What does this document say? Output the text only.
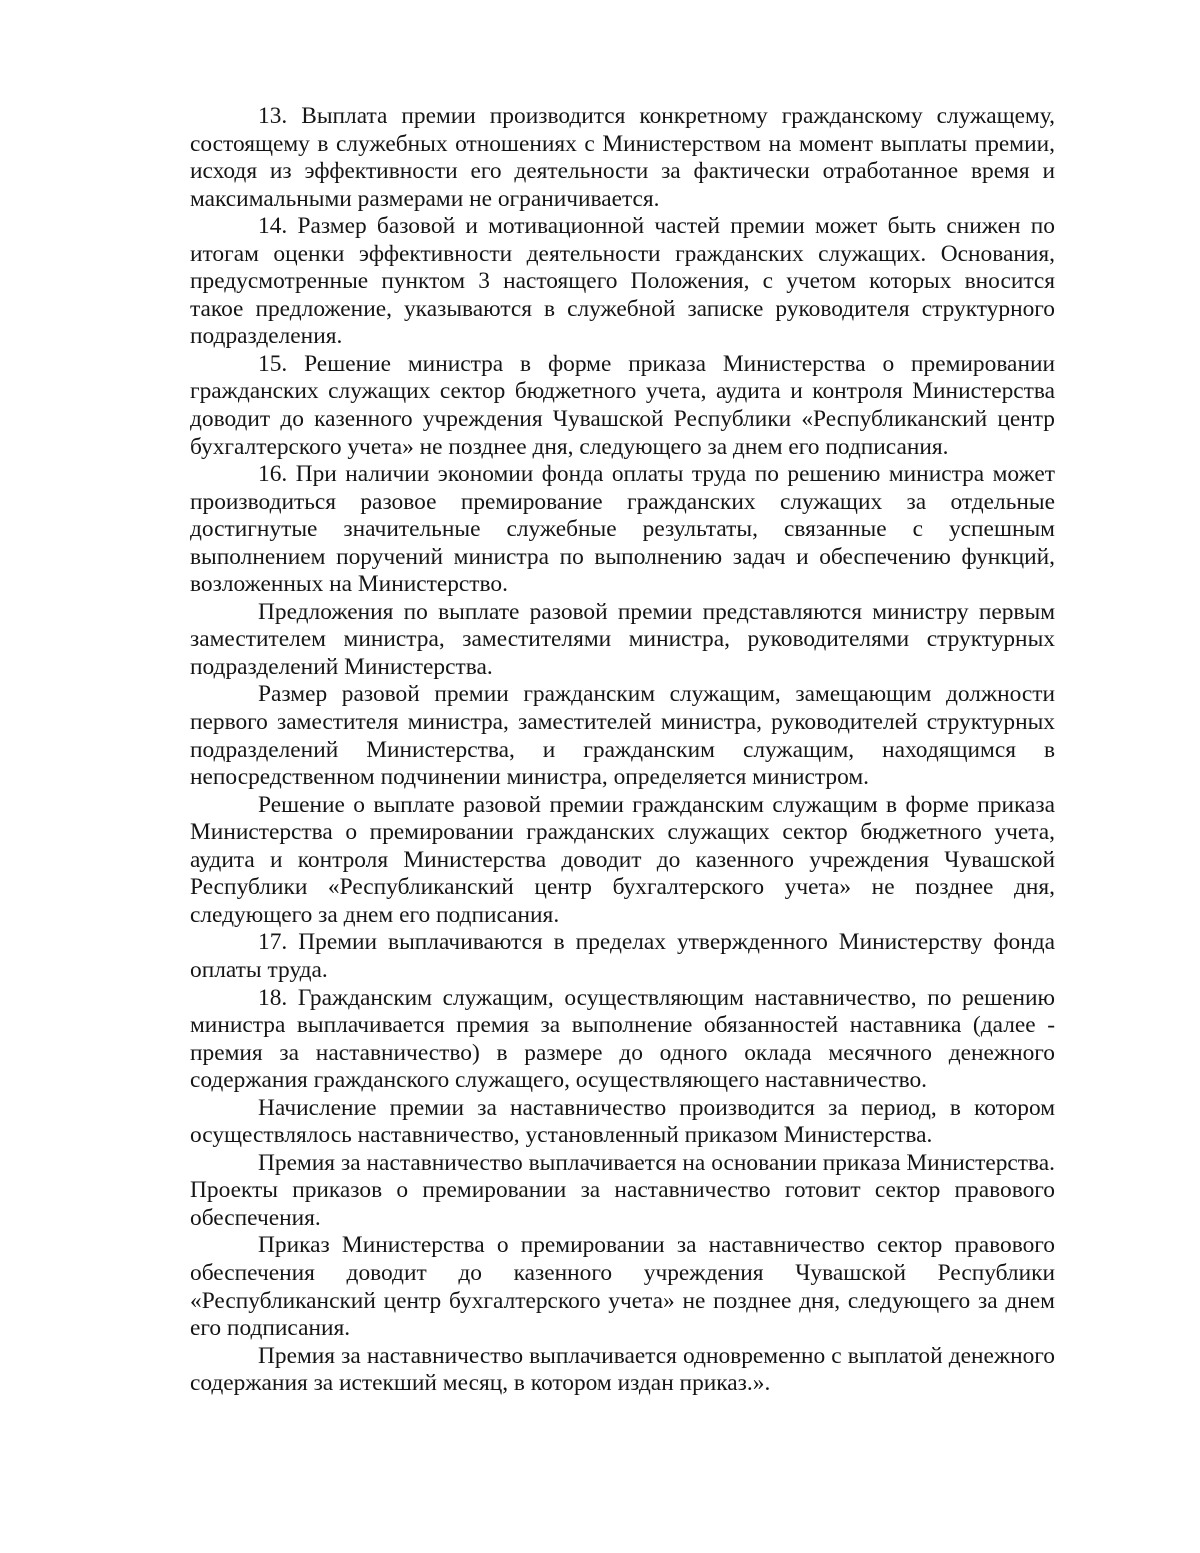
13. Выплата премии производится конкретному гражданскому служащему, состоящему в служебных отношениях с Министерством на момент выплаты премии, исходя из эффективности его деятельности за фактически отработанное время и максимальными размерами не ограничивается.

14. Размер базовой и мотивационной частей премии может быть снижен по итогам оценки эффективности деятельности гражданских служащих. Основания, предусмотренные пунктом 3 настоящего Положения, с учетом которых вносится такое предложение, указываются в служебной записке руководителя структурного подразделения.

15. Решение министра в форме приказа Министерства о премировании гражданских служащих сектор бюджетного учета, аудита и контроля Министерства доводит до казенного учреждения Чувашской Республики «Республиканский центр бухгалтерского учета» не позднее дня, следующего за днем его подписания.

16. При наличии экономии фонда оплаты труда по решению министра может производиться разовое премирование гражданских служащих за отдельные достигнутые значительные служебные результаты, связанные с успешным выполнением поручений министра по выполнению задач и обеспечению функций, возложенных на Министерство.

Предложения по выплате разовой премии представляются министру первым заместителем министра, заместителями министра, руководителями структурных подразделений Министерства.

Размер разовой премии гражданским служащим, замещающим должности первого заместителя министра, заместителей министра, руководителей структурных подразделений Министерства, и гражданским служащим, находящимся в непосредственном подчинении министра, определяется министром.

Решение о выплате разовой премии гражданским служащим в форме приказа Министерства о премировании гражданских служащих сектор бюджетного учета, аудита и контроля Министерства доводит до казенного учреждения Чувашской Республики «Республиканский центр бухгалтерского учета» не позднее дня, следующего за днем его подписания.

17. Премии выплачиваются в пределах утвержденного Министерству фонда оплаты труда.

18. Гражданским служащим, осуществляющим наставничество, по решению министра выплачивается премия за выполнение обязанностей наставника (далее - премия за наставничество) в размере до одного оклада месячного денежного содержания гражданского служащего, осуществляющего наставничество.

Начисление премии за наставничество производится за период, в котором осуществлялось наставничество, установленный приказом Министерства.

Премия за наставничество выплачивается на основании приказа Министерства. Проекты приказов о премировании за наставничество готовит сектор правового обеспечения.

Приказ Министерства о премировании за наставничество сектор правового обеспечения доводит до казенного учреждения Чувашской Республики «Республиканский центр бухгалтерского учета» не позднее дня, следующего за днем его подписания.

Премия за наставничество выплачивается одновременно с выплатой денежного содержания за истекший месяц, в котором издан приказ.».
